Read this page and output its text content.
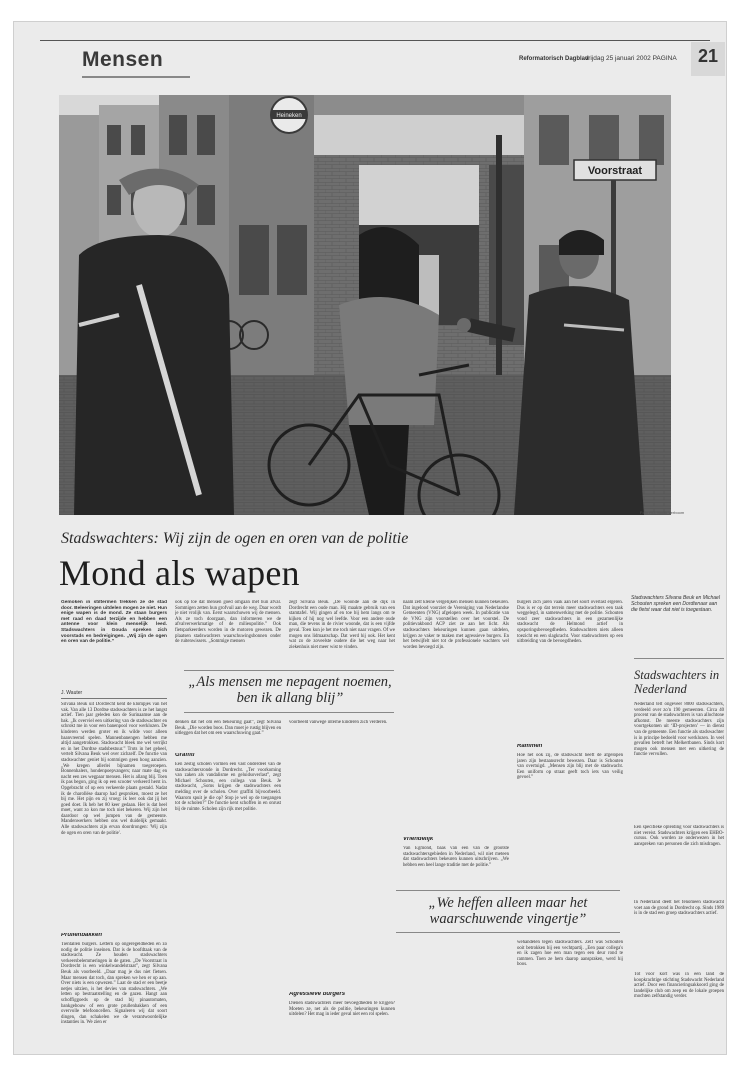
Mensen	Reformatorisch Dagblad
vrijdag 25 januari 2002 PAGINA 21
Heineken
Voorstraat
Foto RD, Sjaak Verboom
Stadswachters: Wij zijn de ogen en oren van de politie
Mond als wapen
Gemoken in stiltermen trekken ze de stad door. Beleeringen uitdelen mogen ze niet. Hun enige wapen is de mond. Ze staan burgers met raad en daad terzijde en hebben een antenne voor klein menselijk leed. Stadswachters in Gouda spreken zich voorstads en bedreigingen. „Wij zijn de ogen en oren van de politie.”
J. Wauter
Silvana Beuk uit Dordrecht kent de klompjes van het vak. Van alle 13 Dordtse stadswachters is ze het langst actief. Tien jaar geleden kon de Surinaamse aan de bak. „Ik overviel een uitkering van de stadswachter en schrokt me in voor een banenpool voor werklozen. De kinderen werden groter en ik wilde voor alleen baanvreemd spelen. Mannenbanengen hebben me altijd aangetrokken. Stadswacht bleek me wel verrijkt en in het Dordtse stadsbestuur.” Trots in het geheel, vertelt Silvana Beuk wel over zichzelf. De functie van stadswachter geniet bij sommigen geen hoog aanzien. „We kregen allerlei bijnamen toegeroepen. Bonnenhalers, hondenpoepvangers; naar mate dag en nacht een zes wegpaar mensen. Het is allang blij. Toen ik pas begon, ging ik op een scooter verkeerd herst in. Opgebracht of op een verkeerde plaats gestald. Nadat ik de charollése daarop had gesproken, moest ze het bij me. Het pijn en zij vroeg: ik leer ook dat jij het goed doet. Ik heb het 80 keer gedaan. Het is dat heel moet, want zo kon me toch niet bekeren. Wij zijn het daardoor op wel jumpen van de gemeente. Mandenwerkers hebben ons wel duidelijk gemaakt. Alle stadswachters zijn ervan doordrongen: 'Wij zijn de ogen en oren van de politie'.
Prullenbakken
Tientallen burgers. Lettern op ongeregeldheden en zo nodig de politie inseinen. Dat is de hoofdtaak van de stadswacht. Ze houden stadswachters verkeersbelemmeringen in de gaten. „De Voorstraat in Dordrecht is een winkelwandelstraat”, zegt Silvana Beuk als voorbeeld. „Daar mag je dus niet fietsen. Maar mensen dat toch, dan spreken we hen er op aan. Over niets is een opwezen.” Laat de stad er een beetje netjes uitzien, is het devies van stadswachters. „We letten op bestraatstelling en de gazen. Hangt aan schoffiggoeds op de stad bij pinautomaten, bankgebouw of een grote prullenbakken of een overvolle telefooncellen. Signaleren wij dat soort dingen, dan schakelen we de verantwoordelijke instanties in. We zien er
ook op toe dat mensen goed omgaan met hun afval. Sommigen zetten hun grofvuil aan de weg. Daar wordt je niet vrolijk van. Eerst waarschuwen wij de mensen. Als ze toch doorgaan, dan informeren we de afvalverwerkmatige of de milieupolitie.” Ook fietsparkeerders worden in de motoren gewezen. De plaatsen stadswachters waarschuwingsbonnen onder de ruitenwissers. „Sommige mensen
„Als mensen me nepagent noemen, ben ik allang blij”
denken dat het om een bekeuring gaat”, zegt Silvana Beuk. „Die worden boos. Dan moet je rustig blijven en uitleggen dat het om een waarschuwing gaat.”
Graffiti
Een zestig scholen vormen een vast onderdeel van de stadswachtersronde in Dordrecht. „Ter voorkoming van zaken als vandalisme en geluidsoverlast”, zegt Michael Schouten, een collega van Beuk. Je stadswacht, „Soms krijgen de stadswachters een melding over de scholen. Over graffiti bijvoorbeeld. Waarom spuit je die op? Stop je wel op de toegangen tot de scholen?” De functie kent schoffen in en onrust bij de ruimte. Scholen zijn rijk met politie.
zegt Silvana Beuk. „De woonde aan de dijk in Dordrecht een oude man. Hij maakte gebruik van een stamtafel. Wij gingen af en toe bij hem langs om te kijken of hij nog wel leefde. Voor een andere oude man, die tevens in de rivier woonde, dat is een vijfde geval. Toen kun je het me toch niet naar vragen. Of we mogen ons lidmaatschap. Dat werd hij ook. Het kent wat zo de zoveelste oudere die het weg naar het ziekenhuis niet meer wist te vinden.
voorbeeld vanwege interne kinderen zich verderen.
Agressieve burgers
Dienen stadswachters meer bevoegdheden te krijgen? Moeten ze, net als de politie, bekeuringen kunnen uitdelen? Het mag in ieder geval niet een rol spelen.
naam zelf kleine vergelijken mensen kunnen bekeuren. Dat ingelood voorziet de Vereniging van Nederlandse Gemeenten (VNG) afgelopen week. In publicatie van de VNG zijn voorstellen over het voorstel. De politievakbond ACP ziet ze aan het licht. Als stadswachters bekeuringen kunnen gaan uitdelen, krijgen ze vaker te maken met agressieve burgers. En het betwijfelt niet tot de professionele wachters wel worden bevoegd zijn.
Vriendelijk
Van Egmond, baas van een van de grootste stadswachtersgebieden in Nederland, wil niet meteen dat stadswachters bekeuren kunnen uitschrijven. „We hebben een heel lange traditie met de politie.”
„We heffen alleen maar het waarschuwende vingertje”
burgers zich jaren vaak aan het soort overlast ergeren. Dus is er op dat terrein meer stadswachters een taak weggelegd, in samenwerking met de politie. Schouten vond zeer stadswachters in een gezamenlijke stadswacht de Helmond actief in opsporingsbevoegdheden. Stadswachters niets alleen toezicht en een slagkracht. Voor stadswachters op een uitbreiding van de bevoegdheden.
Rammen
Hoe het ook zij, de stadswacht heeft de afgelopen jaren zijn bestaansrecht bewezen. Daar is Schouten van overtuigd. „Mensen zijn blij met de stadswacht. Een uniform op straat geeft toch iets van veilig gevoel.”
wehandelen tegen stadswachters. Zelf was Schouten ooit betrokken bij een vechtpartij. „Een paar collega's en ik zagen hoe een man tegen een deur rond te rammen. Toen ze hem daarop aanspraken, werd hij boos.
Stadswachters Silvana Beuk en Michael Schouten spreken een Dordtenaar aan die fietst waar dat niet is toegestaan.
Stadswachters in Nederland
Nederland telt ongeveer 8000 stadswachters, verdeeld over zo'n 190 gemeenten. Circa 40 procent van de stadswachters is van allochtone afkomst. De meeste stadswachters zijn voortgekomen uit ‘ID-projecten’ — in dienst van de gemeente. Een functie als stadswachter is in principe bedoeld voor werklozen. In veel gevallen betreft het Melkertbanen. Sinds kort mogen ook mensen met een uitkering de functie vervullen.
Een specifieke opleiding voor stadswachters is niet vereist. Stadswachters krijgen een EHBO-cursus. Ook worden ze onderwezen in het aanspreken van personen die zich misdragen.
In Nederland deelt het fenomeen stadswacht voet aan de grond in Dordrecht op. Sinds 1989 is in de stad een groep stadswachters actief.
Tot voor kort was in een land de koopkrachtige stichting Stadswacht Nederland actief. Door een financieringsakkoord ging de landelijke club om zeep en de lokale groepen mochten zelfstandig verder.
